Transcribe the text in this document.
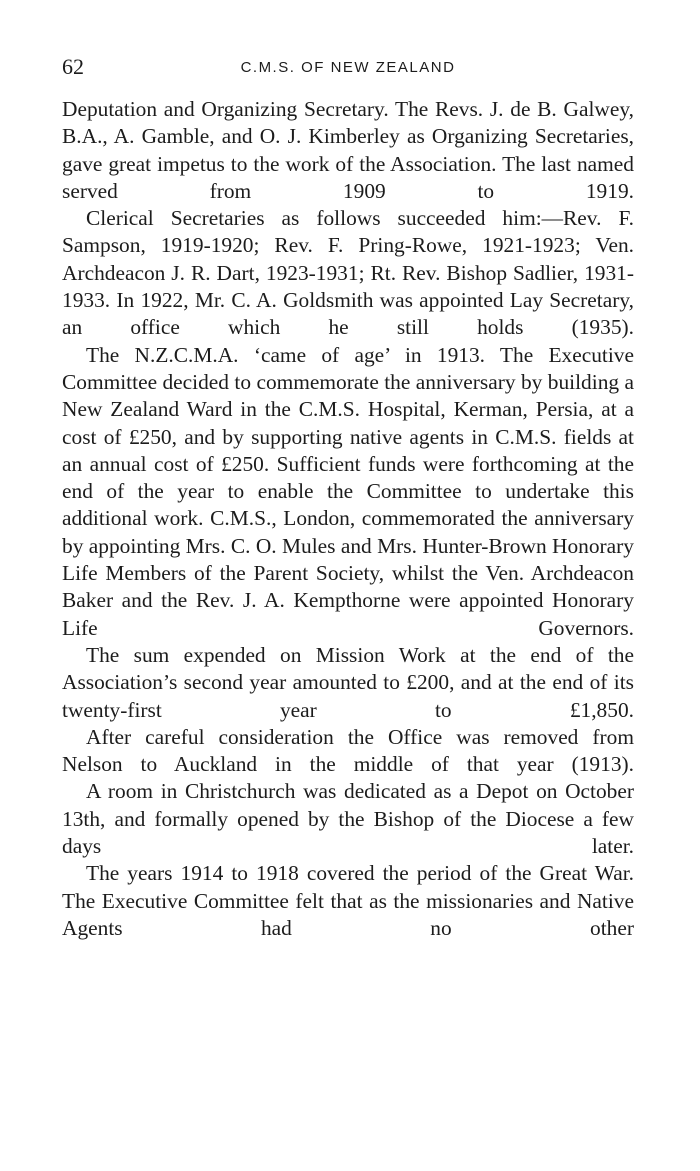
62	C.M.S. OF NEW ZEALAND

Deputation and Organizing Secretary. The Revs. J. de B. Galwey, B.A., A. Gamble, and O. J. Kimberley as Organizing Secretaries, gave great impetus to the work of the Association. The last named served from 1909 to 1919.

Clerical Secretaries as follows succeeded him:—Rev. F. Sampson, 1919-1920; Rev. F. Pring-Rowe, 1921-1923; Ven. Archdeacon J. R. Dart, 1923-1931; Rt. Rev. Bishop Sadlier, 1931-1933. In 1922, Mr. C. A. Goldsmith was appointed Lay Secretary, an office which he still holds (1935).

The N.Z.C.M.A. ‘came of age’ in 1913. The Executive Committee decided to commemorate the anniversary by building a New Zealand Ward in the C.M.S. Hospital, Kerman, Persia, at a cost of £250, and by supporting native agents in C.M.S. fields at an annual cost of £250. Sufficient funds were forthcoming at the end of the year to enable the Committee to undertake this additional work. C.M.S., London, commemorated the anniversary by appointing Mrs. C. O. Mules and Mrs. Hunter-Brown Honorary Life Members of the Parent Society, whilst the Ven. Archdeacon Baker and the Rev. J. A. Kempthorne were appointed Honorary Life Governors.

The sum expended on Mission Work at the end of the Association’s second year amounted to £200, and at the end of its twenty-first year to £1,850.

After careful consideration the Office was removed from Nelson to Auckland in the middle of that year (1913).

A room in Christchurch was dedicated as a Depot on October 13th, and formally opened by the Bishop of the Diocese a few days later.

The years 1914 to 1918 covered the period of the Great War. The Executive Committee felt that as the missionaries and Native Agents had no other
